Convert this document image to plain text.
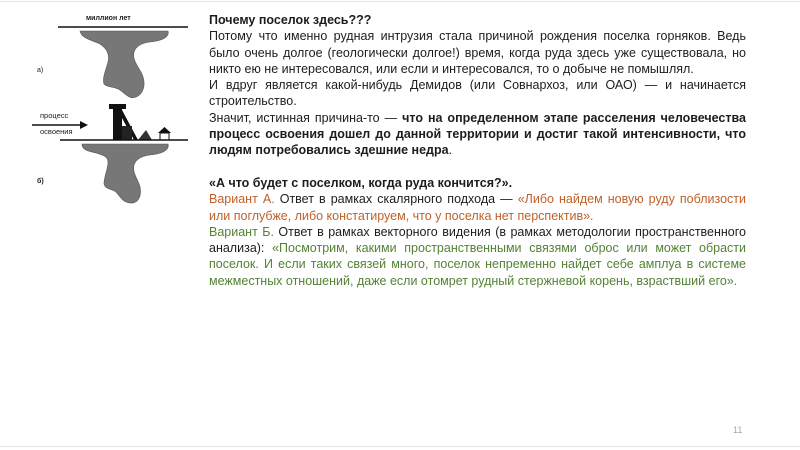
миллион лет
а)
процесс
освоения
б)

Почему поселок здесь???

Потому что именно рудная интрузия стала причиной рождения поселка горняков. Ведь было очень долгое (геологически долгое!) время, когда руда здесь уже существовала, но никто ею не интересовался, или если и интересовался, то о добыче не помышлял.

И вдруг является какой-нибудь Демидов (или Совнархоз, или ОАО) — и начинается строительство.

Значит, истинная причина-то — что на определенном этапе расселения человечества процесс освоения дошел до данной территории и достиг такой интенсивности, что людям потребовались здешние недра.

«А что будет с поселком, когда руда кончится?».

Вариант А. Ответ в рамках скалярного подхода — «Либо найдем новую руду поблизости или поглубже, либо констатируем, что у поселка нет перспектив».

Вариант Б. Ответ в рамках векторного видения (в рамках методологии пространственного анализа): «Посмотрим, какими пространственными связями оброс или может обрасти поселок. И если таких связей много, поселок непременно найдет себе амплуа в системе межместных отношений, даже если отомрет рудный стержневой корень, взраствший его».

11
